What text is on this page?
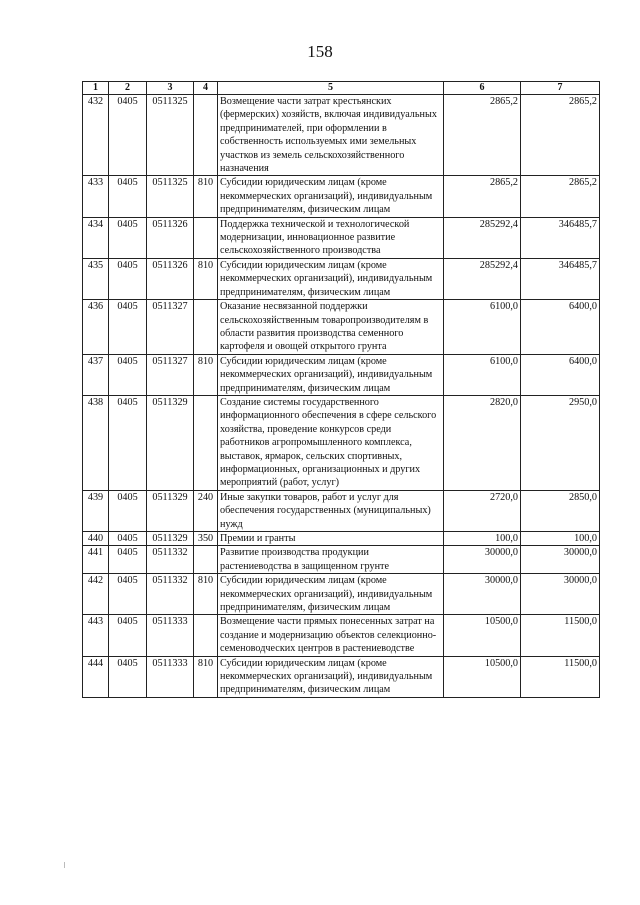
158
1	2	3	4	5	6	7
432	0405	0511325		Возмещение части затрат крестьянских (фермерских) хозяйств, включая индивидуальных предпринимателей, при оформлении в собственность используемых ими земельных участков из земель сельскохозяйственного назначения	2865,2	2865,2
433	0405	0511325	810	Субсидии юридическим лицам (кроме некоммерческих организаций), индивидуальным предпринимателям, физическим лицам	2865,2	2865,2
434	0405	0511326		Поддержка технической и технологической модернизации, инновационное развитие сельскохозяйственного производства	285292,4	346485,7
435	0405	0511326	810	Субсидии юридическим лицам (кроме некоммерческих организаций), индивидуальным предпринимателям, физическим лицам	285292,4	346485,7
436	0405	0511327		Оказание несвязанной поддержки сельскохозяйственным товаропроизводителям в области развития производства семенного картофеля и овощей открытого грунта	6100,0	6400,0
437	0405	0511327	810	Субсидии юридическим лицам (кроме некоммерческих организаций), индивидуальным предпринимателям, физическим лицам	6100,0	6400,0
438	0405	0511329		Создание системы государственного информационного обеспечения в сфере сельского хозяйства, проведение конкурсов среди работников агропромышленного комплекса, выставок, ярмарок, сельских спортивных, информационных, организационных и других мероприятий (работ, услуг)	2820,0	2950,0
439	0405	0511329	240	Иные закупки товаров, работ и услуг для обеспечения государственных (муниципальных) нужд	2720,0	2850,0
440	0405	0511329	350	Премии и гранты	100,0	100,0
441	0405	0511332		Развитие производства продукции растениеводства в защищенном грунте	30000,0	30000,0
442	0405	0511332	810	Субсидии юридическим лицам (кроме некоммерческих организаций), индивидуальным предпринимателям, физическим лицам	30000,0	30000,0
443	0405	0511333		Возмещение части прямых понесенных затрат на создание и модернизацию объектов селекционно-семеноводческих центров в растениеводстве	10500,0	11500,0
444	0405	0511333	810	Субсидии юридическим лицам (кроме некоммерческих организаций), индивидуальным предпринимателям, физическим лицам	10500,0	11500,0
